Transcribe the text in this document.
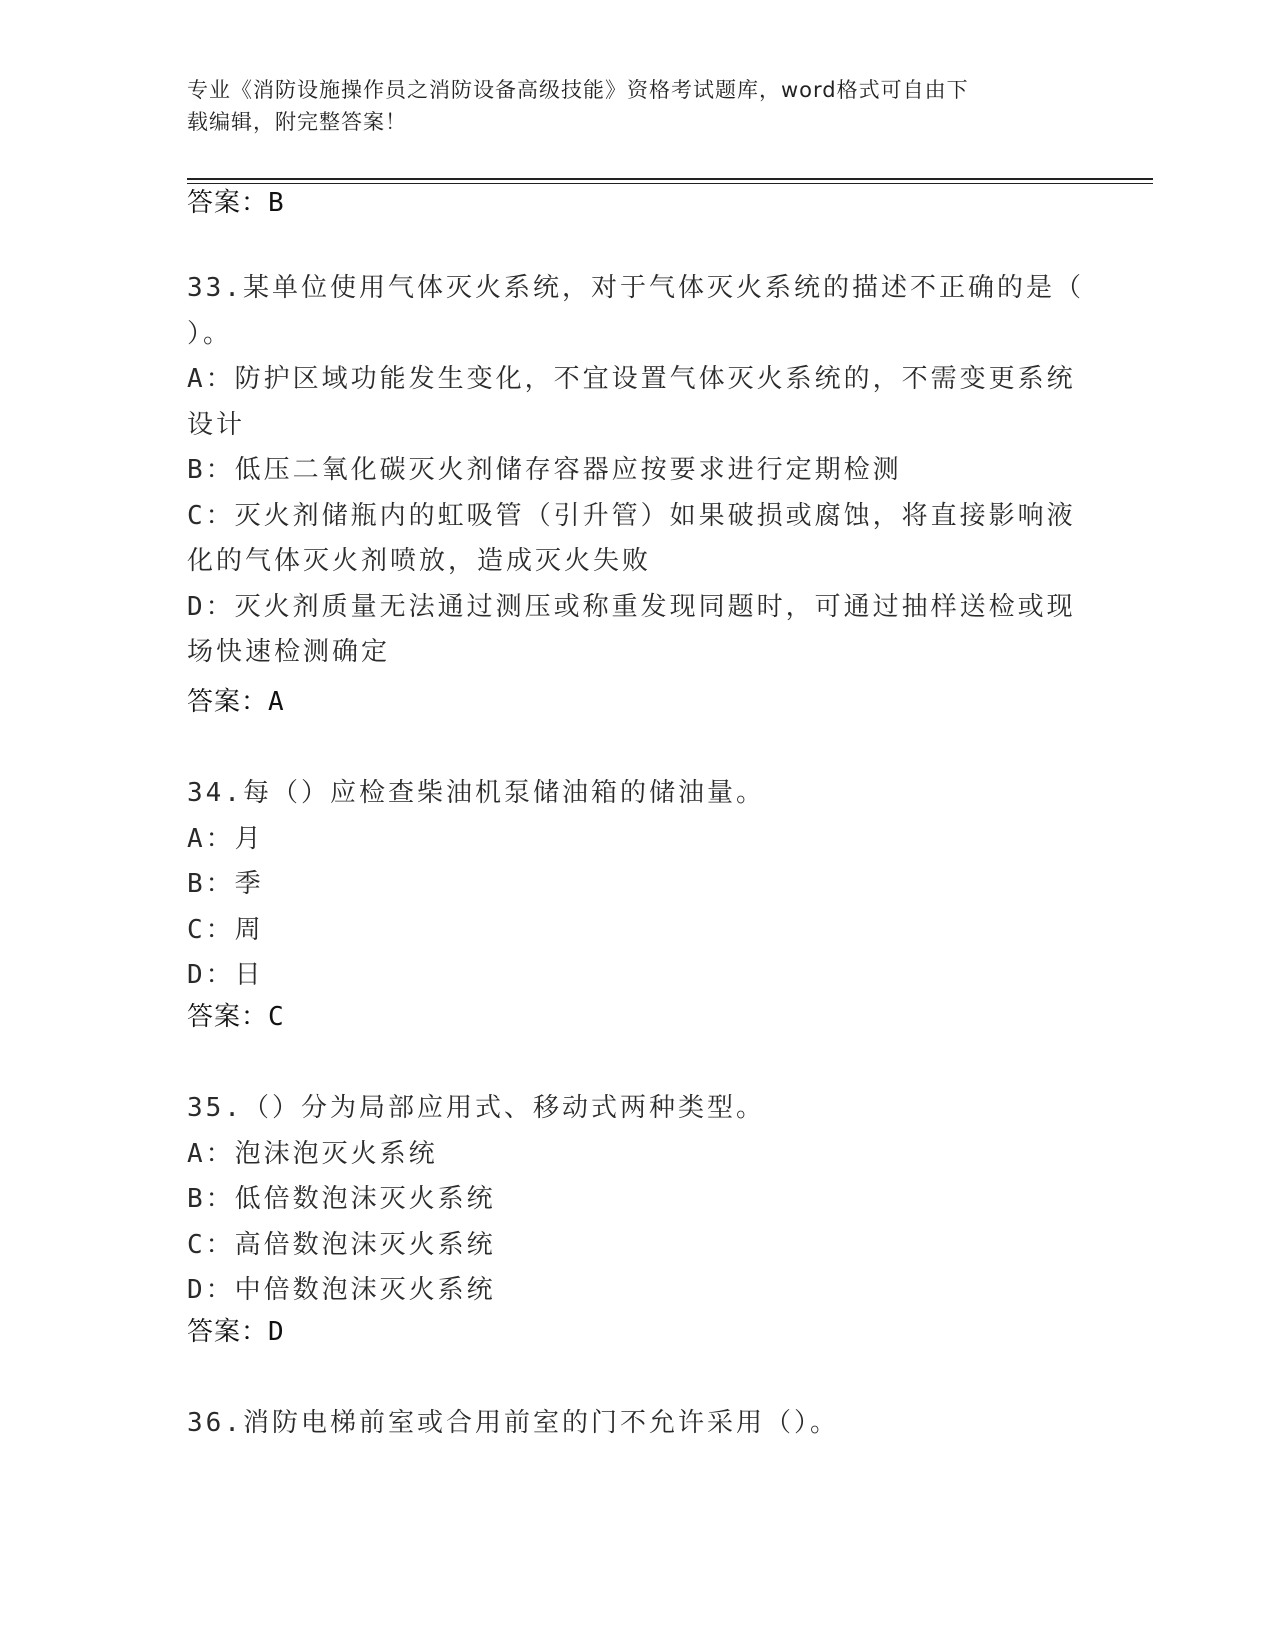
专业《消防设施操作员之消防设备高级技能》资格考试题库，word格式可自由下
载编辑，附完整答案！
答案：B
33.某单位使用气体灭火系统，对于气体灭火系统的描述不正确的是（
）。
A：防护区域功能发生变化，不宜设置气体灭火系统的，不需变更系统
设计
B：低压二氧化碳灭火剂储存容器应按要求进行定期检测
C：灭火剂储瓶内的虹吸管（引升管）如果破损或腐蚀，将直接影响液
化的气体灭火剂喷放，造成灭火失败
D：灭火剂质量无法通过测压或称重发现同题时，可通过抽样送检或现
场快速检测确定
答案：A
34.每（）应检查柴油机泵储油箱的储油量。
A：月
B：季
C：周
D：日
答案：C
35.（）分为局部应用式、移动式两种类型。
A：泡沫泡灭火系统
B：低倍数泡沫灭火系统
C：高倍数泡沫灭火系统
D：中倍数泡沫灭火系统
答案：D
36.消防电梯前室或合用前室的门不允许采用（）。
